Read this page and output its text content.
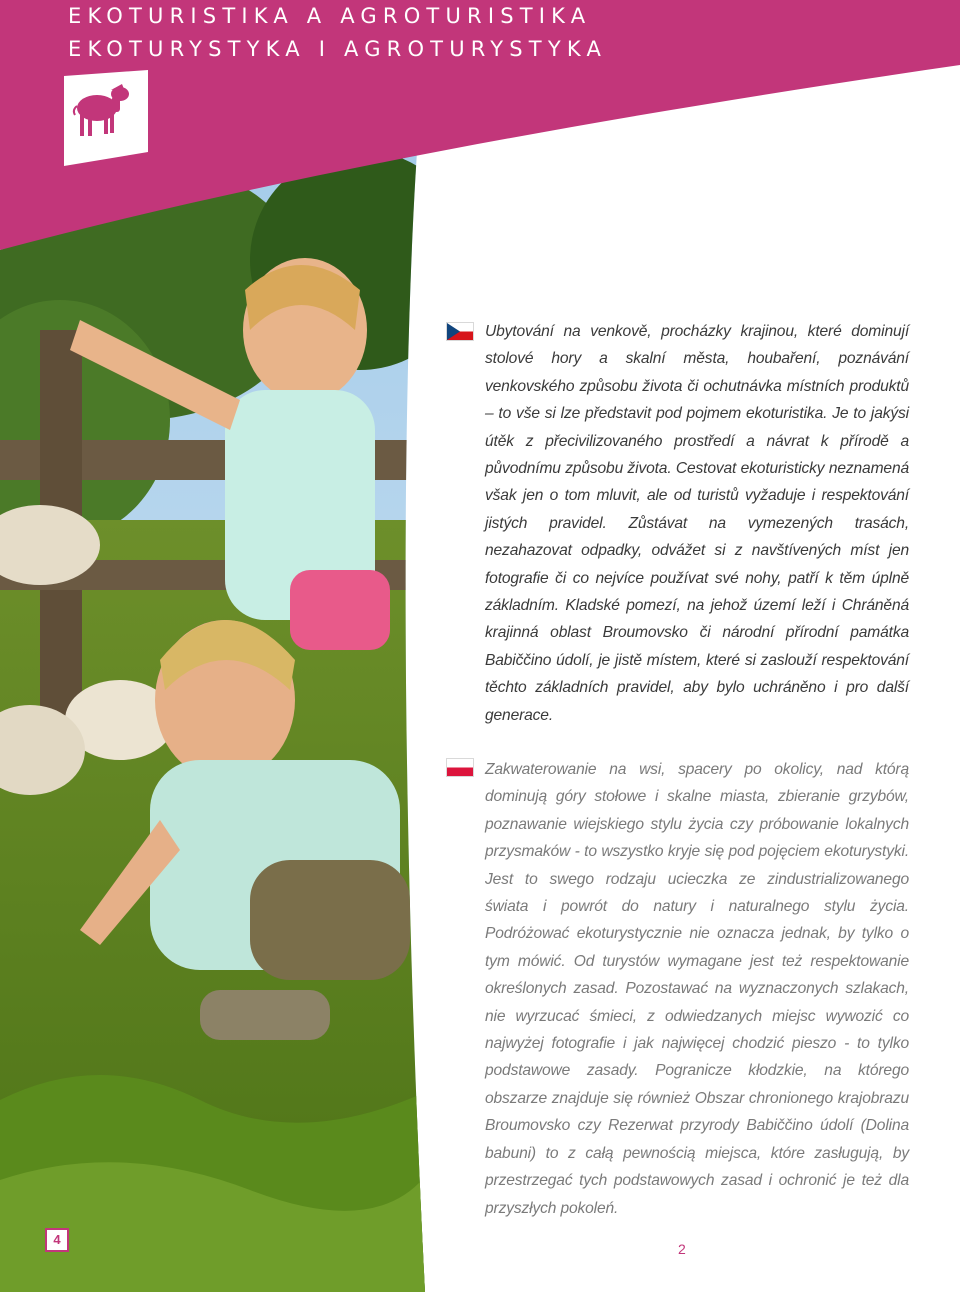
EKOTURISTIKA A AGROTURISTIKA
EKOTURYSTYKA I AGROTURYSTYKA

Ubytování na venkově, procházky krajinou, které dominují stolové hory a skalní města, houbaření, poznávání venkovského způsobu života či ochutnávka místních produktů – to vše si lze představit pod pojmem ekoturistika. Je to jakýsi útěk z přecivilizovaného prostředí a návrat k přírodě a původnímu způsobu života. Cestovat ekoturisticky neznamená však jen o tom mluvit, ale od turistů vyžaduje i respektování jistých pravidel. Zůstávat na vymezených trasách, nezahazovat odpadky, odvážet si z navštívených míst jen fotografie či co nejvíce používat své nohy, patří k těm úplně základním. Kladské pomezí, na jehož území leží i Chráněná krajinná oblast Broumovsko či národní přírodní památka Babiččino údolí, je jistě místem, které si zaslouží respektování těchto základních pravidel, aby bylo uchráněno i pro další generace.

Zakwaterowanie na wsi, spacery po okolicy, nad którą dominują góry stołowe i skalne miasta, zbieranie grzybów, poznawanie wiejskiego stylu życia czy próbowanie lokalnych przysmaków - to wszystko kryje się pod pojęciem ekoturystyki. Jest to swego rodzaju ucieczka ze zindustrializowanego świata i powrót do natury i naturalnego stylu życia. Podróżować ekoturystycznie nie oznacza jednak, by tylko o tym mówić. Od turystów wymagane jest też respektowanie określonych zasad. Pozostawać na wyznaczonych szlakach, nie wyrzucać śmieci, z odwiedzanych miejsc wywozić co najwyżej fotografie i jak najwięcej chodzić pieszo - to tylko podstawowe zasady. Pogranicze kłodzkie, na którego obszarze znajduje się również Obszar chronionego krajobrazu Broumovsko czy Rezerwat przyrody Babiččino údolí (Dolina babuni) to z całą pewnością miejsca, które zasługują, by przestrzegać tych podstawowych zasad i ochronić je też dla przyszłych pokoleń.

4
2
